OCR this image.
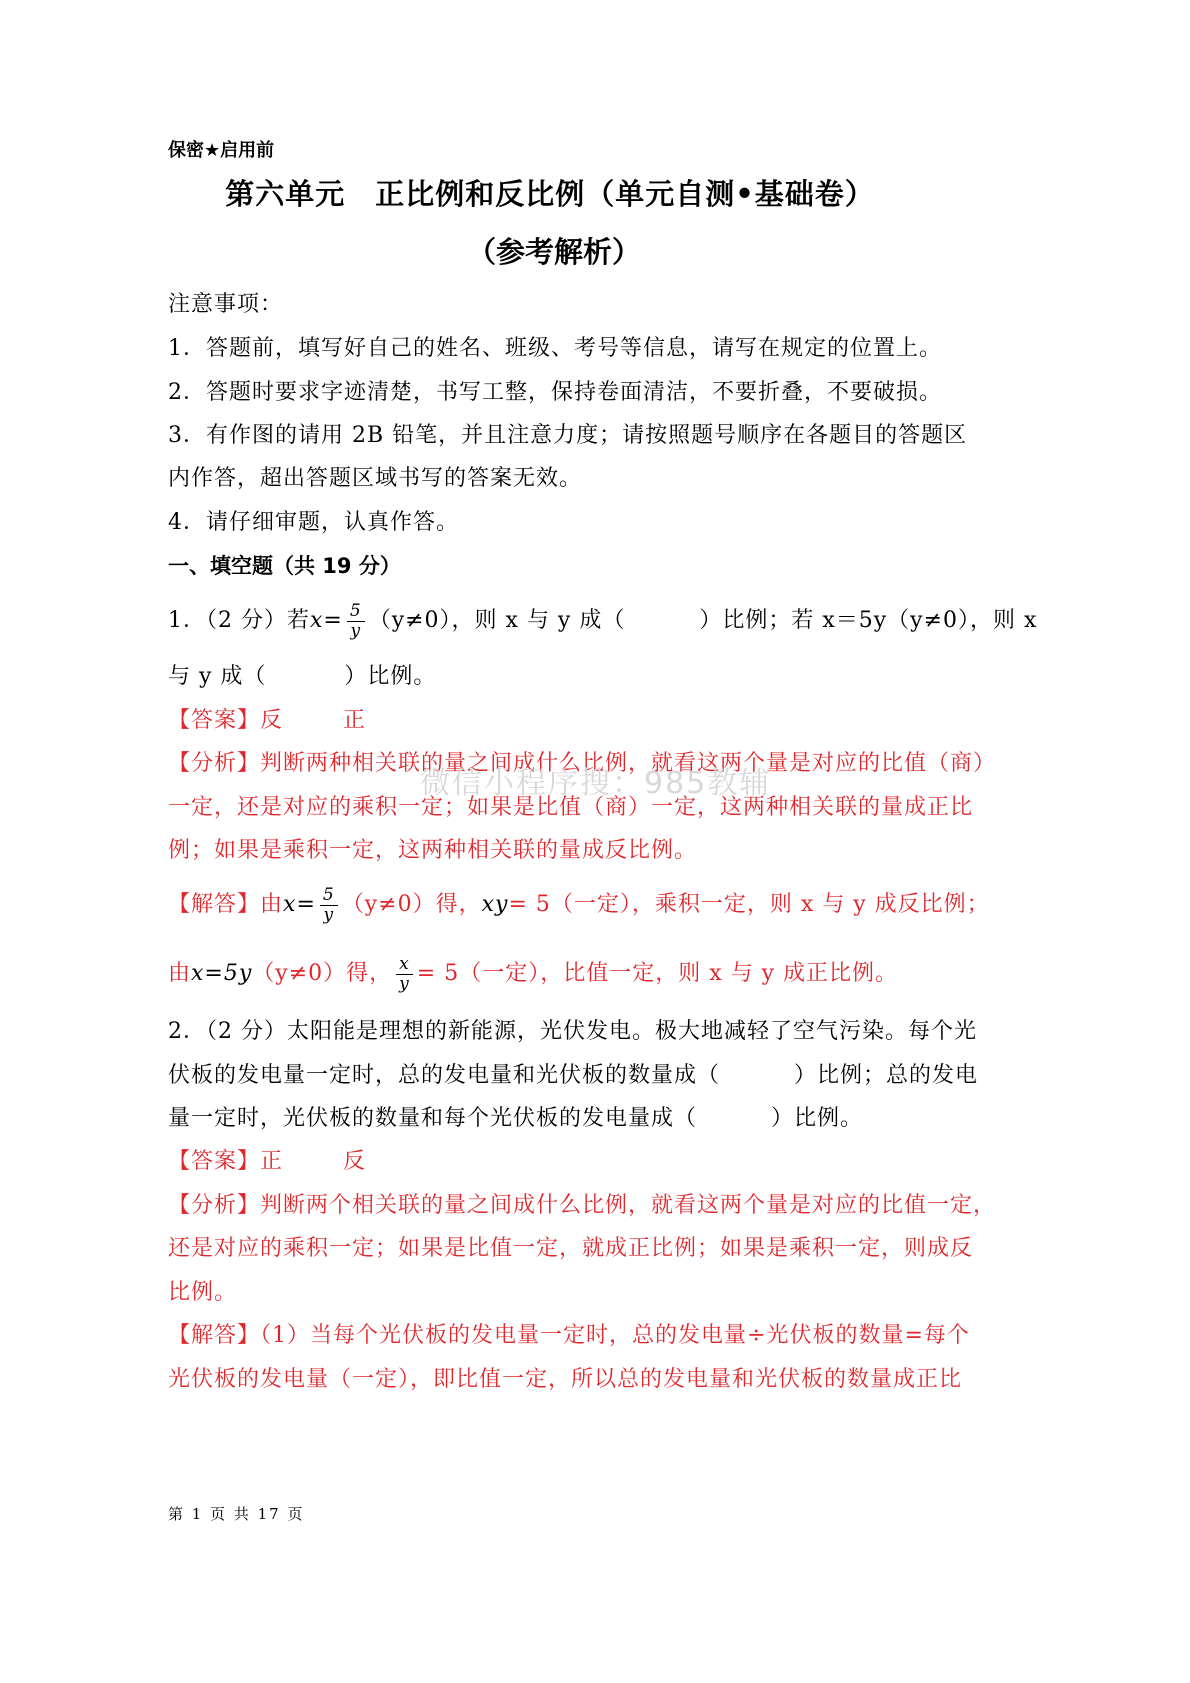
保密★启用前
第六单元　正比例和反比例（单元自测•基础卷）
（参考解析）
注意事项：
1．答题前，填写好自己的姓名、班级、考号等信息，请写在规定的位置上。
2．答题时要求字迹清楚，书写工整，保持卷面清洁，不要折叠，不要破损。
3．有作图的请用 2B 铅笔，并且注意力度；请按照题号顺序在各题目的答题区
内作答，超出答题区域书写的答案无效。
4．请仔细审题，认真作答。
一、填空题（共 19 分）
1．（2 分）若$x= \frac{5}{y} (y\ne 0)$，则 x 与 y 成（	）比例；若 x＝5y（y≠0），则 x
与 y 成（	）比例。
【答案】反	正
【分析】判断两种相关联的量之间成什么比例，就看这两个量是对应的比值（商）
一定，还是对应的乘积一定；如果是比值（商）一定，这两种相关联的量成正比
例；如果是乘积一定，这两种相关联的量成反比例。
【解答】由$x= \frac{5}{y} (y\ne 0)$得，xy= 5（一定），乘积一定，则 x 与 y 成反比例；
由x=5y（y≠0）得， $\frac{x}{y} = 5$（一定），比值一定，则 x 与 y 成正比例。
2．（2 分）太阳能是理想的新能源，光伏发电。极大地减轻了空气污染。每个光
伏板的发电量一定时，总的发电量和光伏板的数量成（	）比例；总的发电
量一定时，光伏板的数量和每个光伏板的发电量成（	）比例。
【答案】正	反
【分析】判断两个相关联的量之间成什么比例，就看这两个量是对应的比值一定，
还是对应的乘积一定；如果是比值一定，就成正比例；如果是乘积一定，则成反
比例。
【解答】（1）当每个光伏板的发电量一定时，总的发电量÷光伏板的数量=每个
光伏板的发电量（一定），即比值一定，所以总的发电量和光伏板的数量成正比
微信小程序搜：985教辅
第 1 页 共 17 页
